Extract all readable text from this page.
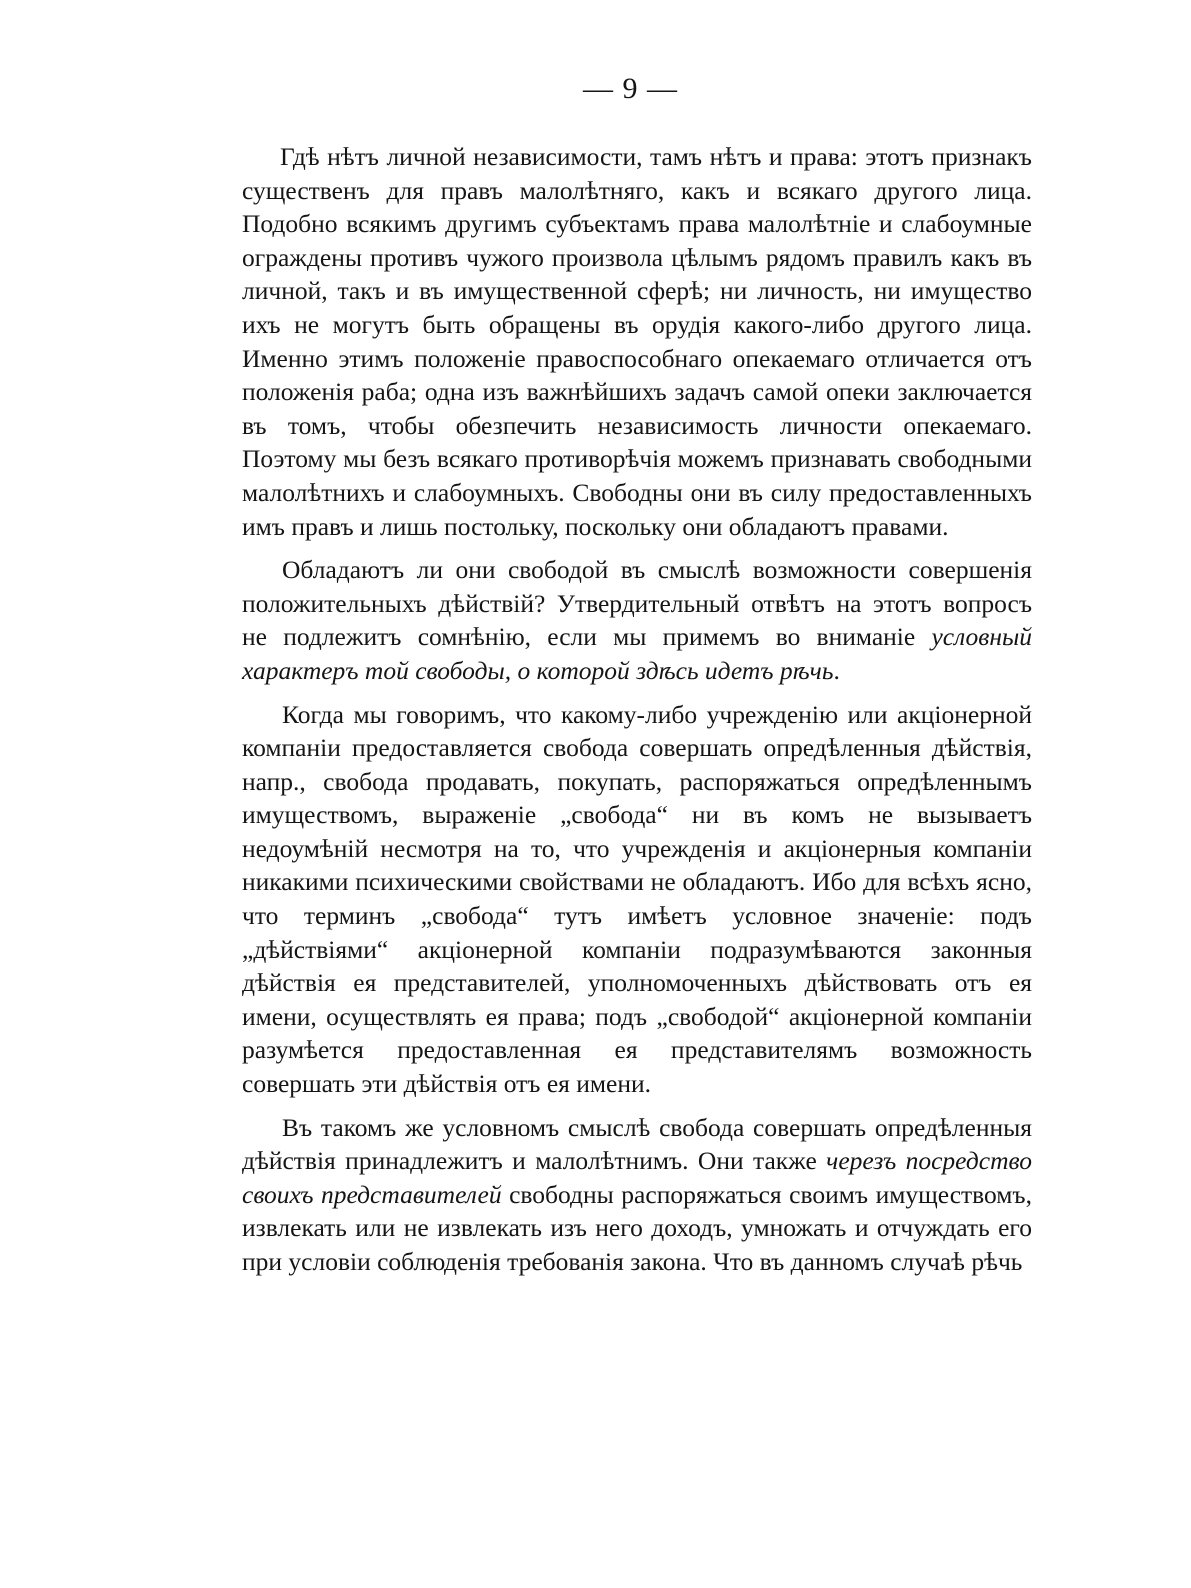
— 9 —

Гдѣ нѣтъ личной независимости, тамъ нѣтъ и права: этотъ признакъ существенъ для правъ малолѣтняго, какъ и всякаго другого лица. Подобно всякимъ другимъ субъектамъ права малолѣтніе и слабоумные ограждены противъ чужого произвола цѣлымъ рядомъ правилъ какъ въ личной, такъ и въ имущественной сферѣ; ни личность, ни имущество ихъ не могутъ быть обращены въ орудія какого-либо другого лица. Именно этимъ положеніе правоспособнаго опекаемаго отличается отъ положенія раба; одна изъ важнѣйшихъ задачъ самой опеки заключается въ томъ, чтобы обезпечить независимость личности опекаемаго. Поэтому мы безъ всякаго противорѣчія можемъ признавать свободными малолѣтнихъ и слабоумныхъ. Свободны они въ силу предоставленныхъ имъ правъ и лишь постольку, поскольку они обладаютъ правами.

Обладаютъ ли они свободой въ смыслѣ возможности совершенія положительныхъ дѣйствій? Утвердительный отвѣтъ на этотъ вопросъ не подлежитъ сомнѣнію, если мы примемъ во вниманіе условный характеръ той свободы, о которой здѣсь идетъ рѣчь.

Когда мы говоримъ, что какому-либо учрежденію или акціонерной компаніи предоставляется свобода совершать опредѣленныя дѣйствія, напр., свобода продавать, покупать, распоряжаться опредѣленнымъ имуществомъ, выраженіе „свобода“ ни въ комъ не вызываетъ недоумѣній несмотря на то, что учрежденія и акціонерныя компаніи никакими психическими свойствами не обладаютъ. Ибо для всѣхъ ясно, что терминъ „свобода“ тутъ имѣетъ условное значеніе: подъ „дѣйствіями“ акціонерной компаніи подразумѣваются законныя дѣйствія ея представителей, уполномоченныхъ дѣйствовать отъ ея имени, осуществлять ея права; подъ „свободой“ акціонерной компаніи разумѣется предоставленная ея представителямъ возможность совершать эти дѣйствія отъ ея имени.

Въ такомъ же условномъ смыслѣ свобода совершать опредѣленныя дѣйствія принадлежитъ и малолѣтнимъ. Они также черезъ посредство своихъ представителей свободны распоряжаться своимъ имуществомъ, извлекать или не извлекать изъ него доходъ, умножать и отчуждать его при условіи соблюденія требованія закона. Что въ данномъ случаѣ рѣчь
